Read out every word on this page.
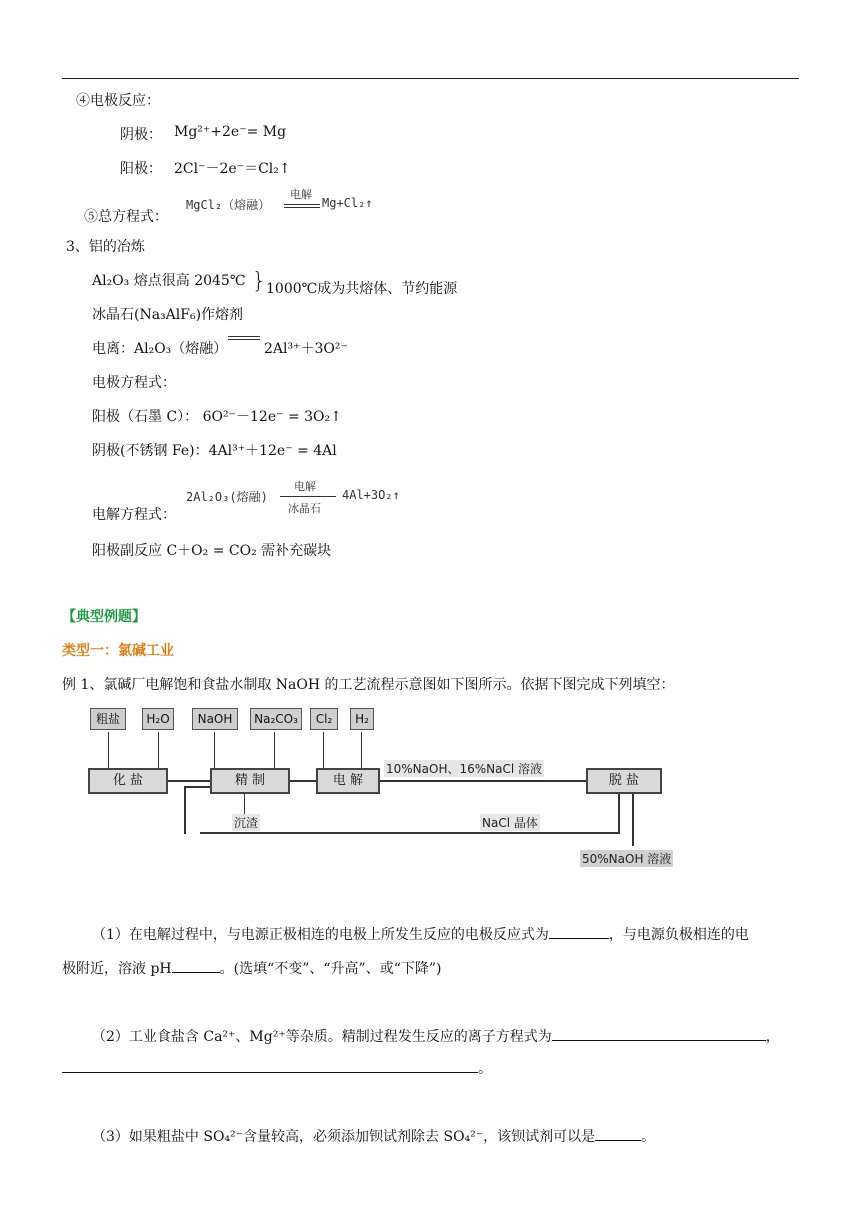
④电极反应：
阴极： Mg²⁺+2e⁻= Mg
阳极： 2Cl⁻－2e⁻＝Cl₂↑
⑤总方程式：
MgCl₂（熔融）
电解
Mg+Cl₂↑
3、铝的冶炼
Al₂O₃ 熔点很高 2045℃ } 1000℃成为共熔体、节约能源
冰晶石(Na₃AlF₆)作熔剂
电离：Al₂O₃（熔融）	2Al³⁺＋3O²⁻
电极方程式：
阳极（石墨 C）： 6O²⁻－12e⁻ = 3O₂↑
阴极(不锈钢 Fe)：4Al³⁺＋12e⁻ = 4Al
电解方程式：
2Al₂O₃(熔融)
电解
冰晶石
4Al+3O₂↑
阳极副反应 C＋O₂ = CO₂ 需补充碳块
【典型例题】
类型一：氯碱工业
例 1、氯碱厂电解饱和食盐水制取 NaOH 的工艺流程示意图如下图所示。依据下图完成下列填空：
粗盐	H₂O	NaOH	Na₂CO₃	Cl₂	H₂
化 盐	精 制	电 解	脱 盐
10%NaOH、16%NaCl 溶液
沉渣	NaCl 晶体
50%NaOH 溶液
（1）在电解过程中，与电源正极相连的电极上所发生反应的电极反应式为	，与电源负极相连的电
极附近，溶液 pH	。(选填“不变”、“升高”、或“下降”)
（2）工业食盐含 Ca²⁺、Mg²⁺等杂质。精制过程发生反应的离子方程式为	，
。
（3）如果粗盐中 SO₄²⁻含量较高，必须添加钡试剂除去 SO₄²⁻，该钡试剂可以是	。
